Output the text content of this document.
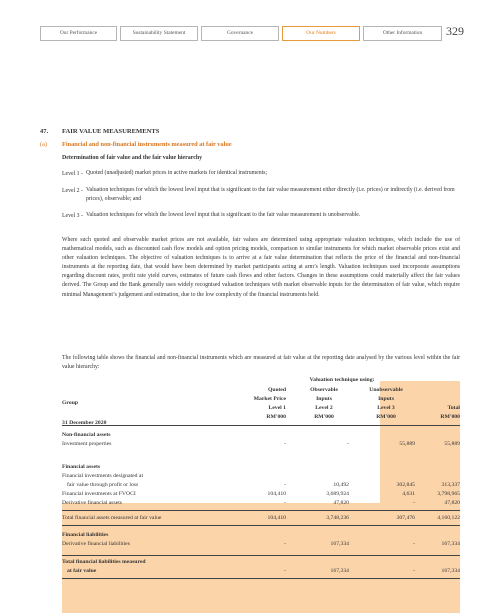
Our Performance	Sustainability Statement	Governance	Our Numbers	Other Information	329
47. FAIR VALUE MEASUREMENTS
(a) Financial and non-financial instruments measured at fair value
Determination of fair value and the fair value hierarchy
Level 1 - Quoted (unadjusted) market prices in active markets for identical instruments;
Level 2 - Valuation techniques for which the lowest level input that is significant to the fair value measurement either directly (i.e. prices) or indirectly (i.e. derived from prices), observable; and
Level 3 - Valuation techniques for which the lowest level input that is significant to the fair value measurement is unobservable.
Where such quoted and observable market prices are not available, fair values are determined using appropriate valuation techniques, which include the use of mathematical models, such as discounted cash flow models and option pricing models, comparison to similar instruments for which market observable prices exist and other valuation techniques. The objective of valuation techniques is to arrive at a fair value determination that reflects the price of the financial and non-financial instruments at the reporting date, that would have been determined by market participants acting at arm’s length. Valuation techniques used incorporate assumptions regarding discount rates, profit rate yield curves, estimates of future cash flows and other factors. Changes in these assumptions could materially affect the fair values derived. The Group and the Bank generally uses widely recognised valuation techniques with market observable inputs for the determination of fair value, which require minimal Management’s judgement and estimation, due to the low complexity of the financial instruments held.
The following table shows the financial and non-financial instruments which are measured at fair value at the reporting date analysed by the various level within the fair value hierarchy:
Valuation technique using:
Group
31 December 2020
Quoted
Market Price
Level 1
RM'000
Observable
Inputs
Level 2
RM'000
Unobservable
Inputs
Level 3
RM'000
Total
RM'000
Non-financial assets
Investment properties	-	-	55,889	55,889
Financial assets
Financial investments designated at
fair value through profit or loss	-	10,492	302,845	313,337
Financial investments at FVOCI	104,410	3,689,924	4,631	3,798,965
Derivative financial assets	-	47,820	-	47,820
Total financial assets measured at fair value	104,410	3,748,236	307,476	4,160,122
Financial liabilities
Derivative financial liabilities	-	167,334	-	167,334
Total financial liabilities measured
at fair value	-	167,334	-	167,334
